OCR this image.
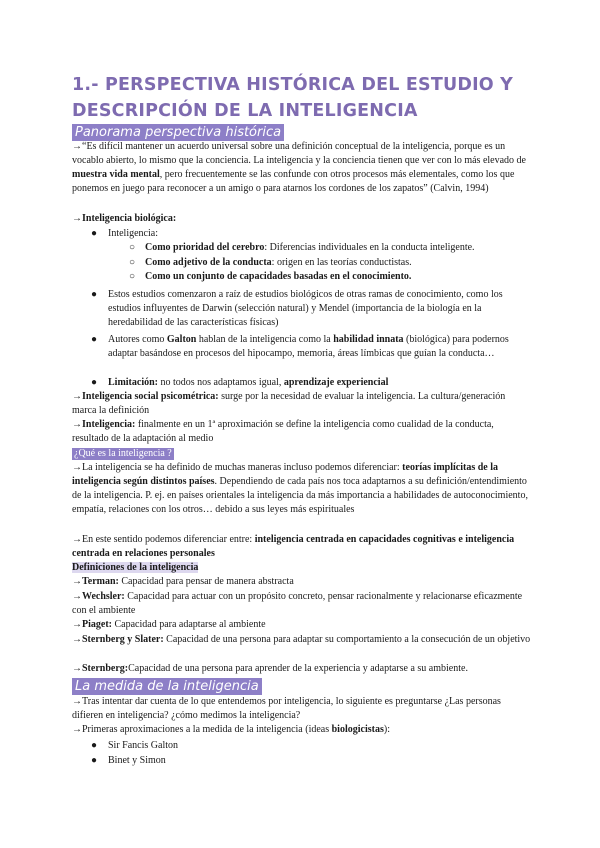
1.- PERSPECTIVA HISTÓRICA DEL ESTUDIO Y DESCRIPCIÓN DE LA INTELIGENCIA
Panorama perspectiva histórica
→“Es difícil mantener un acuerdo universal sobre una definición conceptual de la inteligencia, porque es un vocablo abierto, lo mismo que la conciencia. La inteligencia y la conciencia tienen que ver con lo más elevado de muestra vida mental, pero frecuentemente se las confunde con otros procesos más elementales, como los que ponemos en juego para reconocer a un amigo o para atarnos los cordones de los zapatos” (Calvin, 1994)
→Inteligencia biológica:
● Inteligencia:
○ Como prioridad del cerebro: Diferencias individuales en la conducta inteligente.
○ Como adjetivo de la conducta: origen en las teorías conductistas.
○ Como un conjunto de capacidades basadas en el conocimiento.
● Estos estudios comenzaron a raíz de estudios biológicos de otras ramas de conocimiento, como los estudios influyentes de Darwin (selección natural) y Mendel (importancia de la biología en la heredabilidad de las características físicas)
● Autores como Galton hablan de la inteligencia como la habilidad innata (biológica) para podernos adaptar basándose en procesos del hipocampo, memoria, áreas límbicas que guían la conducta…
● Limitación: no todos nos adaptamos igual, aprendizaje experiencial
→Inteligencia social psicométrica: surge por la necesidad de evaluar la inteligencia. La cultura/generación marca la definición
→Inteligencia: finalmente en un 1ª aproximación se define la inteligencia como cualidad de la conducta, resultado de la adaptación al medio
¿Qué es la inteligencia ?
→La inteligencia se ha definido de muchas maneras incluso podemos diferenciar: teorías implícitas de la inteligencia según distintos países. Dependiendo de cada país nos toca adaptarnos a su definición/entendimiento de la inteligencia. P. ej. en países orientales la inteligencia da más importancia a habilidades de autoconocimiento, empatía, relaciones con los otros… debido a sus leyes más espirituales
→En este sentido podemos diferenciar entre: inteligencia centrada en capacidades cognitivas e inteligencia centrada en relaciones personales
Definiciones de la inteligencia
→Terman: Capacidad para pensar de manera abstracta
→Wechsler: Capacidad para actuar con un propósito concreto, pensar racionalmente y relacionarse eficazmente con el ambiente
→Piaget: Capacidad para adaptarse al ambiente
→Sternberg y Slater: Capacidad de una persona para adaptar su comportamiento a la consecución de un objetivo
→Sternberg:Capacidad de una persona para aprender de la experiencia y adaptarse a su ambiente.
La medida de la inteligencia
→Tras intentar dar cuenta de lo que entendemos por inteligencia, lo siguiente es preguntarse ¿Las personas difieren en inteligencia? ¿cómo medimos la inteligencia?
→Primeras aproximaciones a la medida de la inteligencia (ideas biologicistas):
● Sir Fancis Galton
● Binet y Simon
